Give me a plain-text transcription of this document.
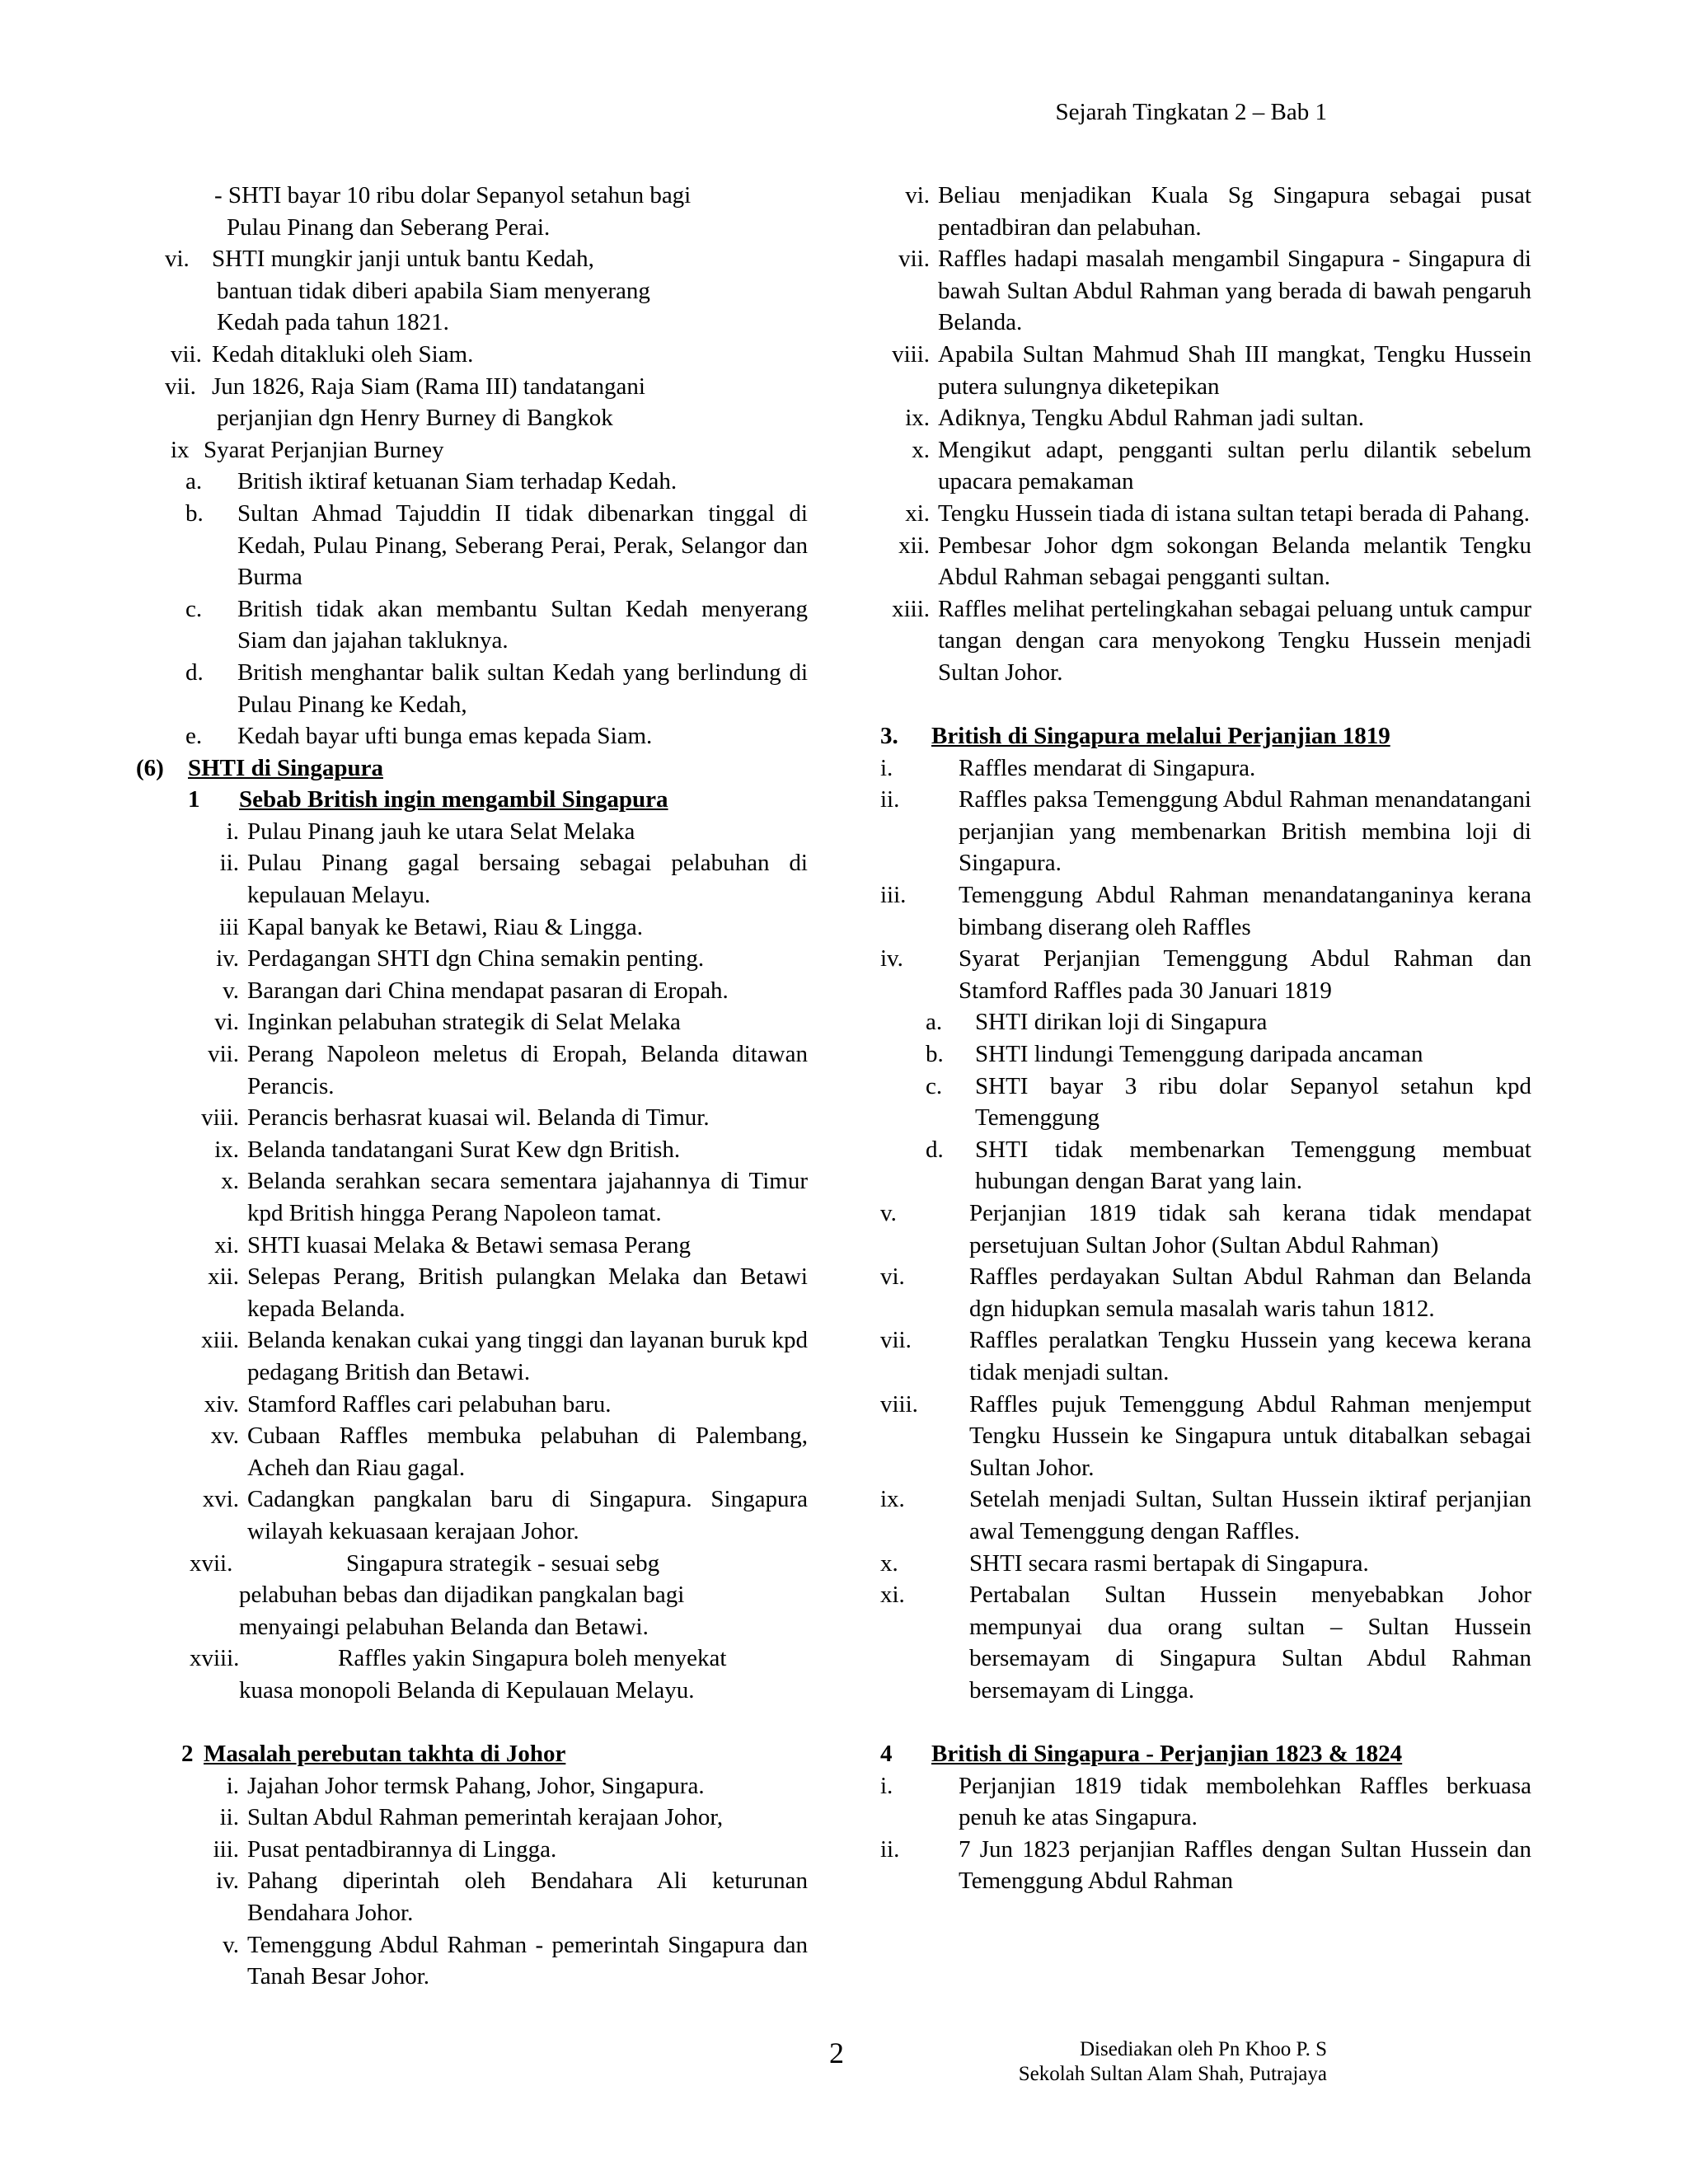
Sejarah Tingkatan 2 – Bab 1
- SHTI bayar 10 ribu dolar Sepanyol setahun bagi
Pulau Pinang dan Seberang Perai.
vi. SHTI mungkir janji untuk bantu Kedah,
bantuan tidak diberi apabila Siam menyerang
Kedah pada tahun 1821.
vii. Kedah ditakluki oleh Siam.
vii. Jun 1826, Raja Siam (Rama III) tandatangani
perjanjian dgn Henry Burney di Bangkok
ix Syarat Perjanjian Burney
a.	British iktiraf ketuanan Siam terhadap Kedah.
b.	Sultan Ahmad Tajuddin II tidak dibenarkan tinggal di Kedah, Pulau Pinang, Seberang Perai, Perak, Selangor dan Burma
c.	British tidak akan membantu Sultan Kedah menyerang Siam dan jajahan takluknya.
d.	British menghantar balik sultan Kedah yang berlindung di Pulau Pinang ke Kedah,
e.	Kedah bayar ufti bunga emas kepada Siam.
(6)	SHTI di Singapura
1	Sebab British ingin mengambil Singapura
i. Pulau Pinang jauh ke utara Selat Melaka
ii. Pulau Pinang gagal bersaing sebagai pelabuhan di kepulauan Melayu.
iii Kapal banyak ke Betawi, Riau & Lingga.
iv. Perdagangan SHTI dgn China semakin penting.
v. Barangan dari China mendapat pasaran di Eropah.
vi. Inginkan pelabuhan strategik di Selat Melaka
vii. Perang Napoleon meletus di Eropah, Belanda ditawan Perancis.
viii. Perancis berhasrat kuasai wil. Belanda di Timur.
ix. Belanda tandatangani Surat Kew dgn British.
x. Belanda serahkan secara sementara jajahannya di Timur kpd British hingga Perang Napoleon tamat.
xi. SHTI kuasai Melaka & Betawi semasa Perang
xii. Selepas Perang, British pulangkan Melaka dan Betawi kepada Belanda.
xiii. Belanda kenakan cukai yang tinggi dan layanan buruk kpd pedagang British dan Betawi.
xiv. Stamford Raffles cari pelabuhan baru.
xv. Cubaan Raffles membuka pelabuhan di Palembang, Acheh dan Riau gagal.
xvi. Cadangkan pangkalan baru di Singapura. Singapura wilayah kekuasaan kerajaan Johor.
xvii.	Singapura strategik - sesuai sebg
pelabuhan bebas dan dijadikan pangkalan bagi
menyaingi pelabuhan Belanda dan Betawi.
xviii.	Raffles yakin Singapura boleh menyekat
kuasa monopoli Belanda di Kepulauan Melayu.
2 Masalah perebutan takhta di Johor
i. Jajahan Johor termsk Pahang, Johor, Singapura.
ii. Sultan Abdul Rahman pemerintah kerajaan Johor,
iii. Pusat pentadbirannya di Lingga.
iv. Pahang diperintah oleh Bendahara Ali keturunan Bendahara Johor.
v. Temenggung Abdul Rahman - pemerintah Singapura dan Tanah Besar Johor.
vi. Beliau menjadikan Kuala Sg Singapura sebagai pusat pentadbiran dan pelabuhan.
vii. Raffles hadapi masalah mengambil Singapura - Singapura di bawah Sultan Abdul Rahman yang berada di bawah pengaruh Belanda.
viii. Apabila Sultan Mahmud Shah III mangkat, Tengku Hussein putera sulungnya diketepikan
ix. Adiknya, Tengku Abdul Rahman jadi sultan.
x. Mengikut adapt, pengganti sultan perlu dilantik sebelum upacara pemakaman
xi. Tengku Hussein tiada di istana sultan tetapi berada di Pahang.
xii. Pembesar Johor dgm sokongan Belanda melantik Tengku Abdul Rahman sebagai pengganti sultan.
xiii. Raffles melihat pertelingkahan sebagai peluang untuk campur tangan dengan cara menyokong Tengku Hussein menjadi Sultan Johor.
3.	British di Singapura melalui Perjanjian 1819
i.	Raffles mendarat di Singapura.
ii.	Raffles paksa Temenggung Abdul Rahman menandatangani perjanjian yang membenarkan British membina loji di Singapura.
iii.	Temenggung Abdul Rahman menandatanganinya kerana bimbang diserang oleh Raffles
iv.	Syarat Perjanjian Temenggung Abdul Rahman dan Stamford Raffles pada 30 Januari 1819
a.	SHTI dirikan loji di Singapura
b.	SHTI lindungi Temenggung daripada ancaman
c.	SHTI bayar 3 ribu dolar Sepanyol setahun kpd Temenggung
d.	SHTI tidak membenarkan Temenggung membuat hubungan dengan Barat yang lain.
v.	Perjanjian 1819 tidak sah kerana tidak mendapat persetujuan Sultan Johor (Sultan Abdul Rahman)
vi.	Raffles perdayakan Sultan Abdul Rahman dan Belanda dgn hidupkan semula masalah waris tahun 1812.
vii.	Raffles peralatkan Tengku Hussein yang kecewa kerana tidak menjadi sultan.
viii.	Raffles pujuk Temenggung Abdul Rahman menjemput Tengku Hussein ke Singapura untuk ditabalkan sebagai Sultan Johor.
ix.	Setelah menjadi Sultan, Sultan Hussein iktiraf perjanjian awal Temenggung dengan Raffles.
x.	SHTI secara rasmi bertapak di Singapura.
xi.	Pertabalan Sultan Hussein menyebabkan Johor mempunyai dua orang sultan – Sultan Hussein bersemayam di Singapura Sultan Abdul Rahman bersemayam di Lingga.
4	British di Singapura - Perjanjian 1823 & 1824
i.	Perjanjian 1819 tidak membolehkan Raffles berkuasa penuh ke atas Singapura.
ii.	7 Jun 1823 perjanjian Raffles dengan Sultan Hussein dan Temenggung Abdul Rahman
2	Disediakan oleh Pn Khoo P. S
Sekolah Sultan Alam Shah, Putrajaya
